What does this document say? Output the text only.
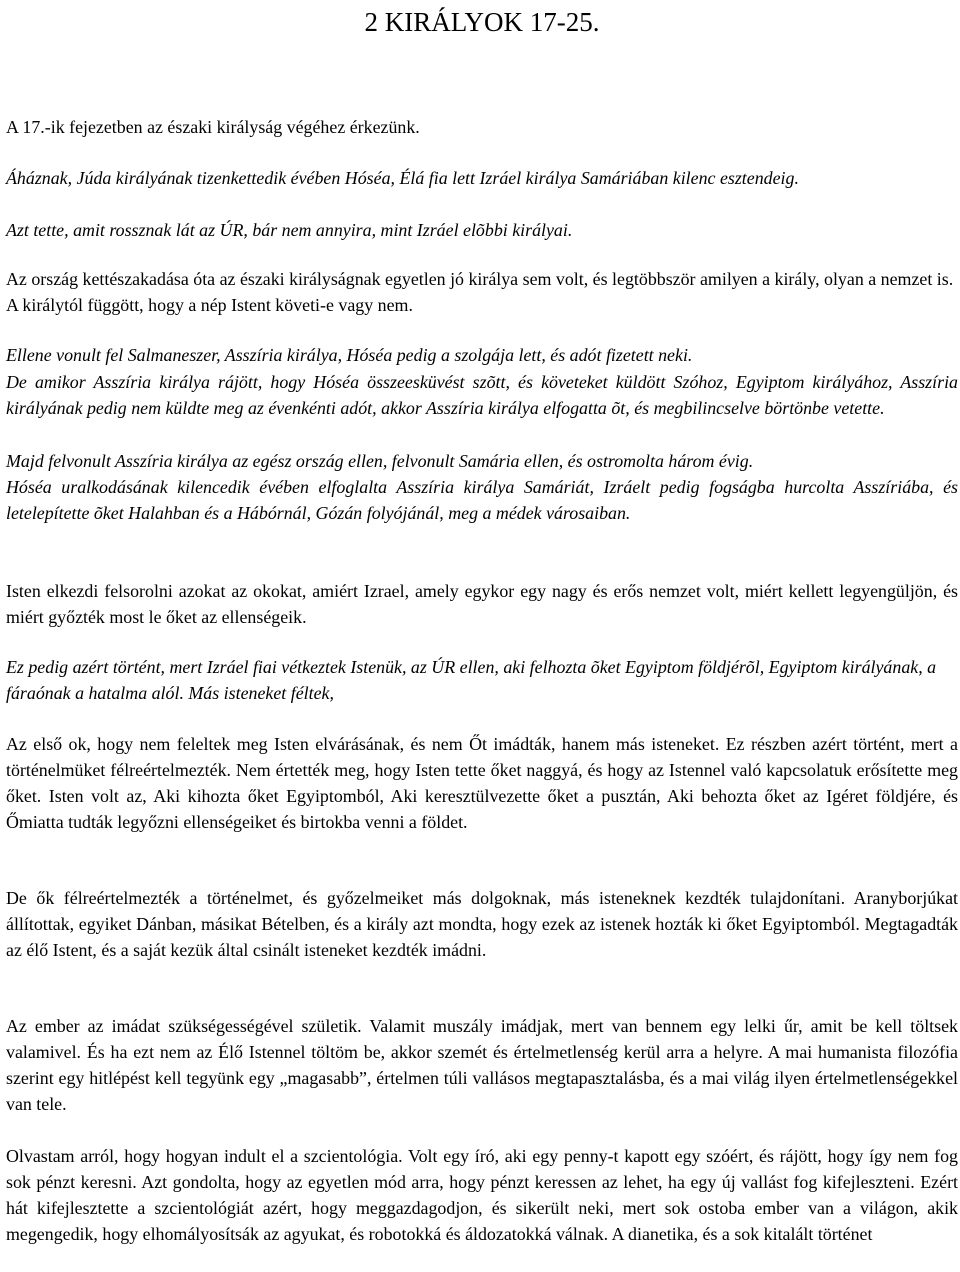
2 KIRÁLYOK 17-25.

A 17.-ik fejezetben az északi királyság végéhez érkezünk.

Áháznak, Júda királyának tizenkettedik évében Hóséa, Élá fia lett Izráel királya Samáriában kilenc esztendeig.

Azt tette, amit rossznak lát az ÚR, bár nem annyira, mint Izráel elõbbi királyai.

Az ország kettészakadása óta az északi királyságnak egyetlen jó királya sem volt, és legtöbbször amilyen a király, olyan a nemzet is. A királytól függött, hogy a nép Istent követi-e vagy nem.

Ellene vonult fel Salmaneszer, Asszíria királya, Hóséa pedig a szolgája lett, és adót fizetett neki.

De amikor Asszíria királya rájött, hogy Hóséa összeesküvést szõtt, és követeket küldött Szóhoz, Egyiptom királyához, Asszíria királyának pedig nem küldte meg az évenkénti adót, akkor Asszíria királya elfogatta õt, és megbilincselve börtönbe vetette.

Majd felvonult Asszíria királya az egész ország ellen, felvonult Samária ellen, és ostromolta három évig.

Hóséa uralkodásának kilencedik évében elfoglalta Asszíria királya Samáriát, Izráelt pedig fogságba hurcolta Asszíriába, és letelepítette õket Halahban és a Hábórnál, Gózán folyójánál, meg a médek városaiban.

Isten elkezdi felsorolni azokat az okokat, amiért Izrael, amely egykor egy nagy és erős nemzet volt, miért kellett legyengüljön, és miért győzték most le őket az ellenségeik.

Ez pedig azért történt, mert Izráel fiai vétkeztek Istenük, az ÚR ellen, aki felhozta õket Egyiptom földjérõl, Egyiptom királyának, a fáraónak a hatalma alól. Más isteneket féltek,

Az első ok, hogy nem feleltek meg Isten elvárásának, és nem Őt imádták, hanem más isteneket. Ez részben azért történt, mert a történelmüket félreértelmezték. Nem értették meg, hogy Isten tette őket naggyá, és hogy az Istennel való kapcsolatuk erősítette meg őket. Isten volt az, Aki kihozta őket Egyiptomból, Aki keresztülvezette őket a pusztán, Aki behozta őket az Igéret földjére, és Őmiatta tudták legyőzni ellenségeiket és birtokba venni a földet.

De ők félreértelmezték a történelmet, és győzelmeiket más dolgoknak, más isteneknek kezdték tulajdonítani. Aranyborjúkat állítottak, egyiket Dánban, másikat Bételben, és a király azt mondta, hogy ezek az istenek hozták ki őket Egyiptomból. Megtagadták az élő Istent, és a saját kezük által csinált isteneket kezdték imádni.

Az ember az imádat szükségességével születik. Valamit muszály imádjak, mert van bennem egy lelki űr, amit be kell töltsek valamivel. És ha ezt nem az Élő Istennel töltöm be, akkor szemét és értelmetlenség kerül arra a helyre. A mai humanista filozófia szerint egy hitlépést kell tegyünk egy „magasabb”, értelmen túli vallásos megtapasztalásba, és a mai világ ilyen értelmetlenségekkel van tele.

Olvastam arról, hogy hogyan indult el a szcientológia. Volt egy író, aki egy penny-t kapott egy szóért, és rájött, hogy így nem fog sok pénzt keresni. Azt gondolta, hogy az egyetlen mód arra, hogy pénzt keressen az lehet, ha egy új vallást fog kifejleszteni. Ezért hát kifejlesztette a szcientológiát azért, hogy meggazdagodjon, és sikerült neki, mert sok ostoba ember van a világon, akik megengedik, hogy elhomályosítsák az agyukat, és robotokká és áldozatokká válnak. A dianetika, és a sok kitalált történet
